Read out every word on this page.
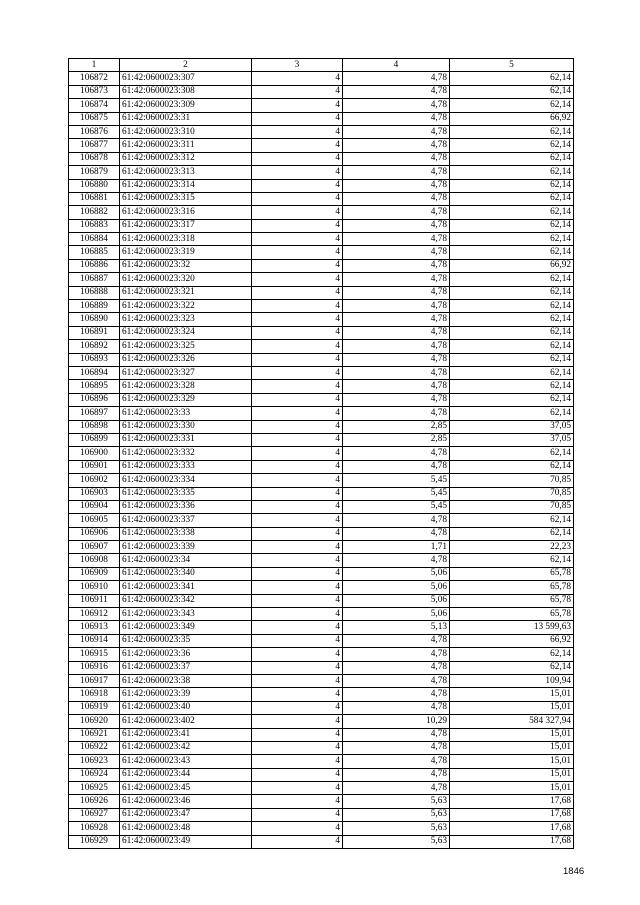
1	2	3	4	5
106872	61:42:0600023:307	4	4,78	62,14
106873	61:42:0600023:308	4	4,78	62,14
106874	61:42:0600023:309	4	4,78	62,14
106875	61:42:0600023:31	4	4,78	66,92
106876	61:42:0600023:310	4	4,78	62,14
106877	61:42:0600023:311	4	4,78	62,14
106878	61:42:0600023:312	4	4,78	62,14
106879	61:42:0600023:313	4	4,78	62,14
106880	61:42:0600023:314	4	4,78	62,14
106881	61:42:0600023:315	4	4,78	62,14
106882	61:42:0600023:316	4	4,78	62,14
106883	61:42:0600023:317	4	4,78	62,14
106884	61:42:0600023:318	4	4,78	62,14
106885	61:42:0600023:319	4	4,78	62,14
106886	61:42:0600023:32	4	4,78	66,92
106887	61:42:0600023:320	4	4,78	62,14
106888	61:42:0600023:321	4	4,78	62,14
106889	61:42:0600023:322	4	4,78	62,14
106890	61:42:0600023:323	4	4,78	62,14
106891	61:42:0600023:324	4	4,78	62,14
106892	61:42:0600023:325	4	4,78	62,14
106893	61:42:0600023:326	4	4,78	62,14
106894	61:42:0600023:327	4	4,78	62,14
106895	61:42:0600023:328	4	4,78	62,14
106896	61:42:0600023:329	4	4,78	62,14
106897	61:42:0600023:33	4	4,78	62,14
106898	61:42:0600023:330	4	2,85	37,05
106899	61:42:0600023:331	4	2,85	37,05
106900	61:42:0600023:332	4	4,78	62,14
106901	61:42:0600023:333	4	4,78	62,14
106902	61:42:0600023:334	4	5,45	70,85
106903	61:42:0600023:335	4	5,45	70,85
106904	61:42:0600023:336	4	5,45	70,85
106905	61:42:0600023:337	4	4,78	62,14
106906	61:42:0600023:338	4	4,78	62,14
106907	61:42:0600023:339	4	1,71	22,23
106908	61:42:0600023:34	4	4,78	62,14
106909	61:42:0600023:340	4	5,06	65,78
106910	61:42:0600023:341	4	5,06	65,78
106911	61:42:0600023:342	4	5,06	65,78
106912	61:42:0600023:343	4	5,06	65,78
106913	61:42:0600023:349	4	5,13	13 599,63
106914	61:42:0600023:35	4	4,78	66,92
106915	61:42:0600023:36	4	4,78	62,14
106916	61:42:0600023:37	4	4,78	62,14
106917	61:42:0600023:38	4	4,78	109,94
106918	61:42:0600023:39	4	4,78	15,01
106919	61:42:0600023:40	4	4,78	15,01
106920	61:42:0600023:402	4	10,29	584 327,94
106921	61:42:0600023:41	4	4,78	15,01
106922	61:42:0600023:42	4	4,78	15,01
106923	61:42:0600023:43	4	4,78	15,01
106924	61:42:0600023:44	4	4,78	15,01
106925	61:42:0600023:45	4	4,78	15,01
106926	61:42:0600023:46	4	5,63	17,68
106927	61:42:0600023:47	4	5,63	17,68
106928	61:42:0600023:48	4	5,63	17,68
106929	61:42:0600023:49	4	5,63	17,68
1846
